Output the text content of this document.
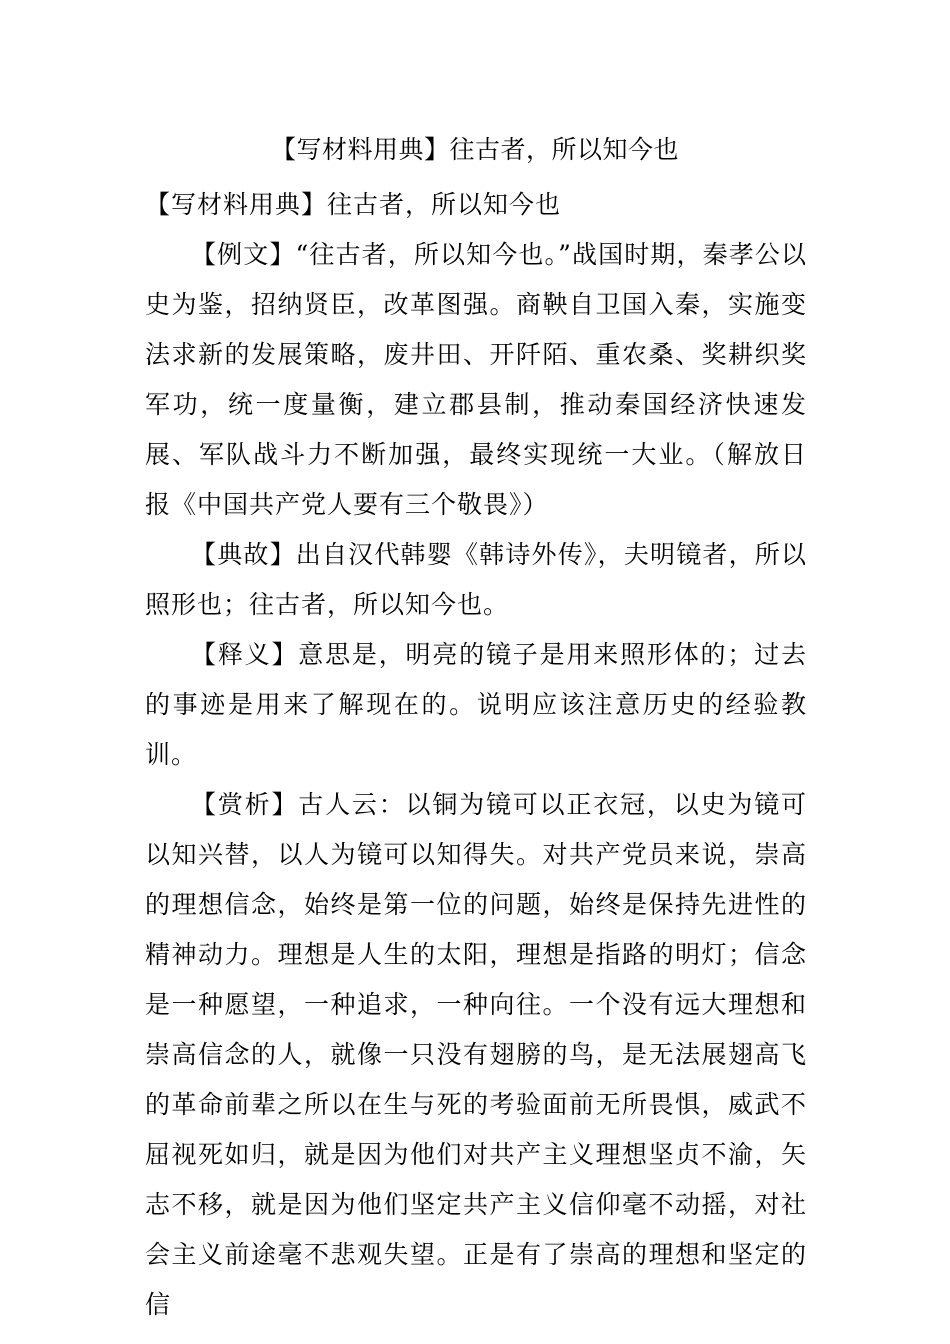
【写材料用典】往古者，所以知今也

【写材料用典】往古者，所以知今也

【例文】“往古者，所以知今也。”战国时期，秦孝公以史为鉴，招纳贤臣，改革图强。商鞅自卫国入秦，实施变法求新的发展策略，废井田、开阡陌、重农桑、奖耕织奖军功，统一度量衡，建立郡县制，推动秦国经济快速发展、军队战斗力不断加强，最终实现统一大业。（解放日报《中国共产党人要有三个敬畏》）

【典故】出自汉代韩婴《韩诗外传》，夫明镜者，所以照形也；往古者，所以知今也。

【释义】意思是，明亮的镜子是用来照形体的；过去的事迹是用来了解现在的。说明应该注意历史的经验教训。

【赏析】古人云：以铜为镜可以正衣冠，以史为镜可以知兴替，以人为镜可以知得失。对共产党员来说，崇高的理想信念，始终是第一位的问题，始终是保持先进性的精神动力。理想是人生的太阳，理想是指路的明灯；信念是一种愿望，一种追求，一种向往。一个没有远大理想和崇高信念的人，就像一只没有翅膀的鸟，是无法展翅高飞的革命前辈之所以在生与死的考验面前无所畏惧，威武不屈视死如归，就是因为他们对共产主义理想坚贞不渝，矢志不移，就是因为他们坚定共产主义信仰毫不动摇，对社会主义前途毫不悲观失望。正是有了崇高的理想和坚定的信
